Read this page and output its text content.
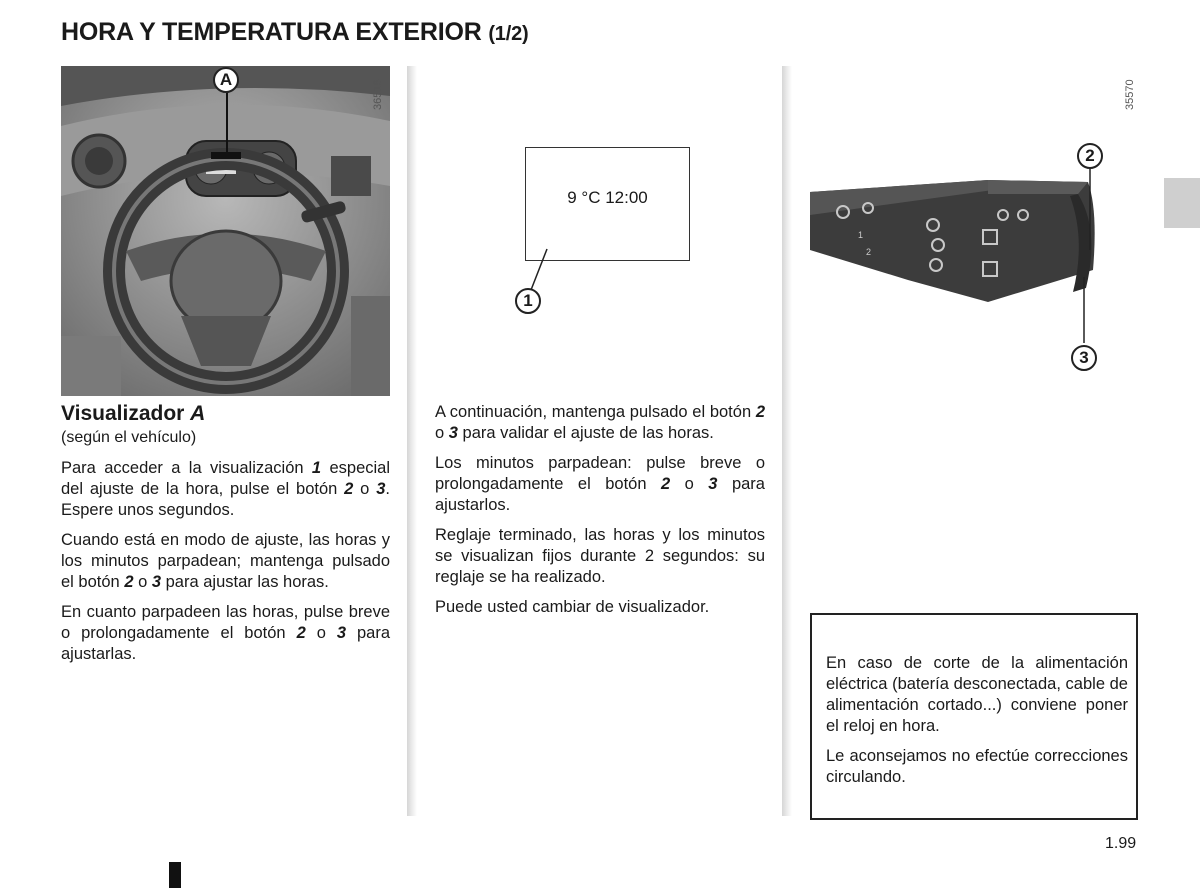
HORA Y TEMPERATURA EXTERIOR (1/2)
A	36518
9 °C 12:00
1
35570
1
2
2
3

Visualizador A

(según el vehículo)

Para acceder a la visualización 1 especial del ajuste de la hora, pulse el botón 2 o 3. Espere unos segundos.

Cuando está en modo de ajuste, las horas y los minutos parpadean; mantenga pulsado el botón 2 o 3 para ajustar las horas.

En cuanto parpadeen las horas, pulse breve o prolongadamente el botón 2 o 3 para ajustarlas.

A continuación, mantenga pulsado el botón 2 o 3 para validar el ajuste de las horas.

Los minutos parpadean: pulse breve o prolongadamente el botón 2 o 3 para ajustarlos.

Reglaje terminado, las horas y los minutos se visualizan fijos durante 2 segundos: su reglaje se ha realizado.

Puede usted cambiar de visualizador.

En caso de corte de la alimentación eléctrica (batería desconectada, cable de alimentación cortado...) conviene poner el reloj en hora.

Le aconsejamos no efectúe correcciones circulando.

1.99
